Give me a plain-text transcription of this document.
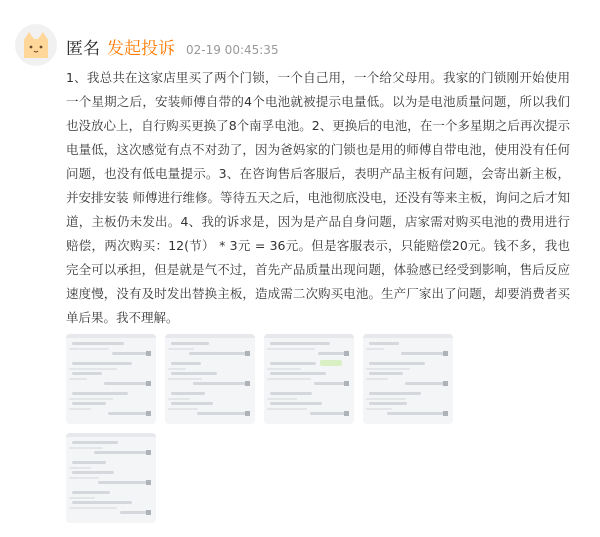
匿名 发起投诉 02-19 00:45:35

1、我总共在这家店里买了两个门锁，一个自己用，一个给父母用。我家的门锁刚开始使用一个星期之后，安装师傅自带的4个电池就被提示电量低。以为是电池质量问题，所以我们也没放心上，自行购买更换了8个南孚电池。2、更换后的电池，在一个多星期之后再次提示电量低，这次感觉有点不对劲了，因为爸妈家的门锁也是用的师傅自带电池，使用没有任何问题，也没有低电量提示。3、在咨询售后客服后，表明产品主板有问题，会寄出新主板，并安排安装 师傅进行维修。等待五天之后，电池彻底没电，还没有等来主板，询问之后才知道，主板仍未发出。4、我的诉求是，因为是产品自身问题，店家需对购买电池的费用进行赔偿，两次购买：12(节） * 3元 = 36元。但是客服表示，只能赔偿20元。钱不多，我也完全可以承担，但是就是气不过，首先产品质量出现问题，体验感已经受到影响，售后反应速度慢，没有及时发出替换主板，造成需二次购买电池。生产厂家出了问题，却要消费者买单后果。我不理解。
